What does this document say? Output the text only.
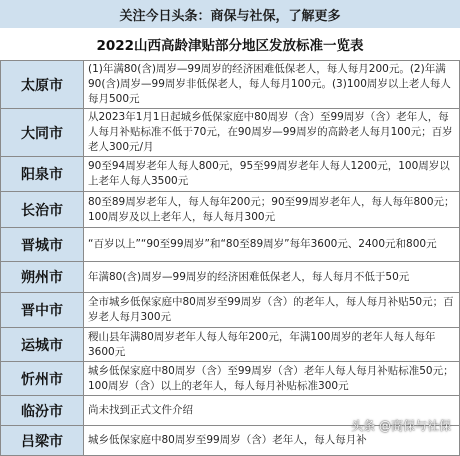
关注今日头条：商保与社保，了解更多
2022山西高龄津贴部分地区发放标准一览表
太原市	(1)年满80(含)周岁—99周岁的经济困难低保老人，每人每月200元。(2)年满90(含)周岁—99周岁非低保老人，每人每月100元。(3)100周岁以上老人每人每月500元

大同市	从2023年1月1日起城乡低保家庭中80周岁（含）至99周岁（含）老年人，每人每月补贴标准不低于70元，在90周岁—99周岁的高龄老人每月100元；百岁老人300元/月

阳泉市	90至94周岁老年人每人800元，95至99周岁老年人每人1200元，100周岁以上老年人每人3500元

长治市	80至89周岁老年人，每人每年200元；90至99周岁老年人，每人每年800元；100周岁及以上老年人，每人每月300元

晋城市	“百岁以上”“90至99周岁”和“80至89周岁”每年3600元、2400元和800元

朔州市	年满80(含)周岁—99周岁的经济困难低保老人，每人每月不低于50元

晋中市	全市城乡低保家庭中80周岁至99周岁（含）的老年人，每人每月补贴50元；百岁老人每月300元

运城市	稷山县年满80周岁老年人每人每年200元，年满100周岁的老年人每人每年3600元

忻州市	城乡低保家庭中80周岁（含）至99周岁（含）老年人每人每月补贴标准50元；100周岁（含）以上的老年人，每人每月补贴标准300元

临汾市	尚未找到正式文件介绍

吕梁市	城乡低保家庭中80周岁至99周岁（含）老年人，每人每月补
头条 @商保与社保
